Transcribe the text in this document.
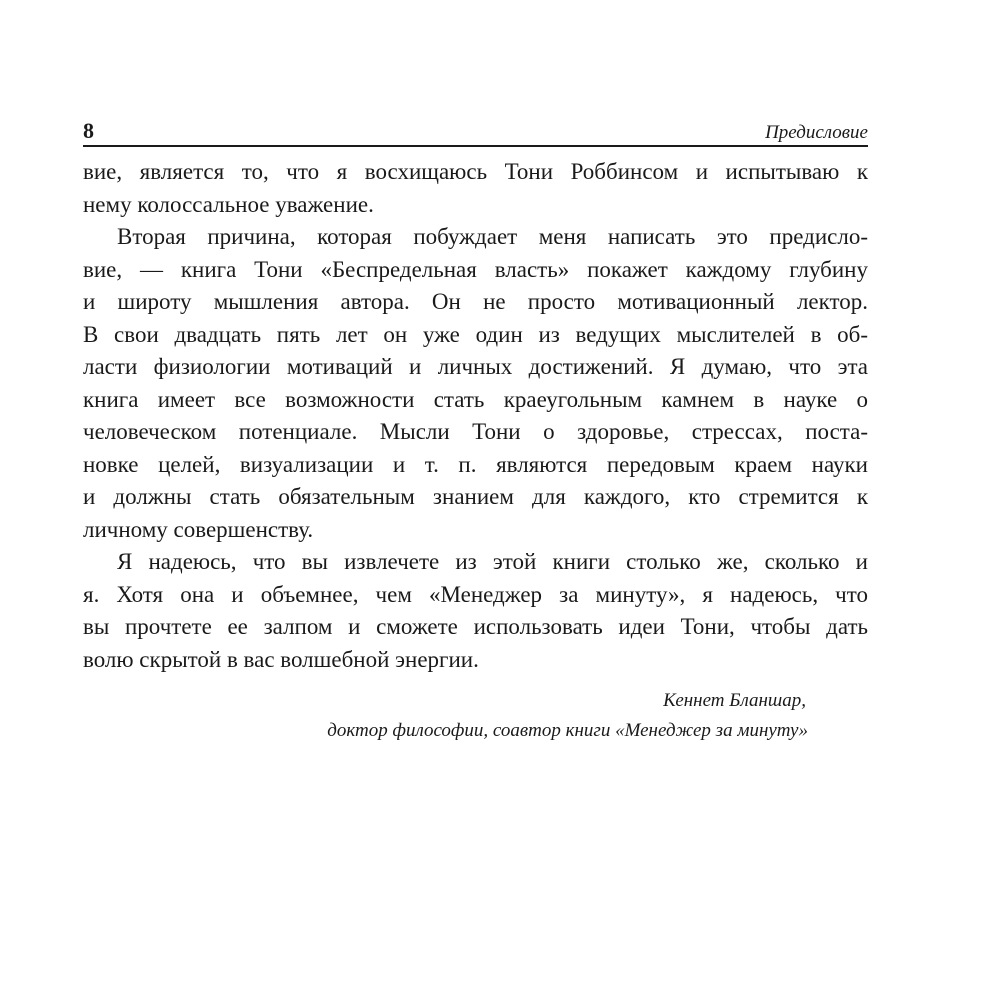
8	Предисловие
вие, является то, что я восхищаюсь Тони Роббинсом и испытываю к
нему колоссальное уважение.
Вторая причина, которая побуждает меня написать это предисло-
вие, — книга Тони «Беспредельная власть» покажет каждому глубину
и широту мышления автора. Он не просто мотивационный лектор.
В свои двадцать пять лет он уже один из ведущих мыслителей в об-
ласти физиологии мотиваций и личных достижений. Я думаю, что эта
книга имеет все возможности стать краеугольным камнем в науке о
человеческом потенциале. Мысли Тони о здоровье, стрессах, поста-
новке целей, визуализации и т. п. являются передовым краем науки
и должны стать обязательным знанием для каждого, кто стремится к
личному совершенству.
Я надеюсь, что вы извлечете из этой книги столько же, сколько и
я. Хотя она и объемнее, чем «Менеджер за минуту», я надеюсь, что
вы прочтете ее залпом и сможете использовать идеи Тони, чтобы дать
волю скрытой в вас волшебной энергии.
Кеннет Бланшар,
доктор философии, соавтор книги «Менеджер за минуту»
